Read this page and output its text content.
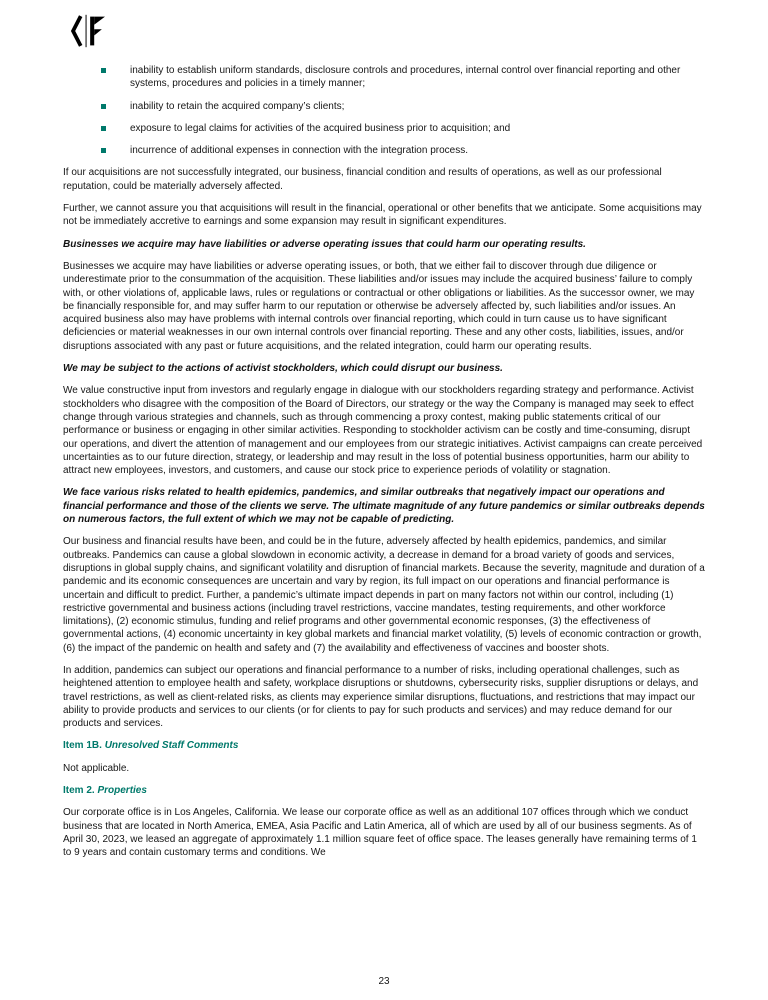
inability to establish uniform standards, disclosure controls and procedures, internal control over financial reporting and other systems, procedures and policies in a timely manner;
inability to retain the acquired company’s clients;
exposure to legal claims for activities of the acquired business prior to acquisition; and
incurrence of additional expenses in connection with the integration process.

If our acquisitions are not successfully integrated, our business, financial condition and results of operations, as well as our professional reputation, could be materially adversely affected.

Further, we cannot assure you that acquisitions will result in the financial, operational or other benefits that we anticipate. Some acquisitions may not be immediately accretive to earnings and some expansion may result in significant expenditures.

Businesses we acquire may have liabilities or adverse operating issues that could harm our operating results.

Businesses we acquire may have liabilities or adverse operating issues, or both, that we either fail to discover through due diligence or underestimate prior to the consummation of the acquisition. These liabilities and/or issues may include the acquired business’ failure to comply with, or other violations of, applicable laws, rules or regulations or contractual or other obligations or liabilities. As the successor owner, we may be financially responsible for, and may suffer harm to our reputation or otherwise be adversely affected by, such liabilities and/or issues. An acquired business also may have problems with internal controls over financial reporting, which could in turn cause us to have significant deficiencies or material weaknesses in our own internal controls over financial reporting. These and any other costs, liabilities, issues, and/or disruptions associated with any past or future acquisitions, and the related integration, could harm our operating results.

We may be subject to the actions of activist stockholders, which could disrupt our business.

We value constructive input from investors and regularly engage in dialogue with our stockholders regarding strategy and performance. Activist stockholders who disagree with the composition of the Board of Directors, our strategy or the way the Company is managed may seek to effect change through various strategies and channels, such as through commencing a proxy contest, making public statements critical of our performance or business or engaging in other similar activities. Responding to stockholder activism can be costly and time-consuming, disrupt our operations, and divert the attention of management and our employees from our strategic initiatives. Activist campaigns can create perceived uncertainties as to our future direction, strategy, or leadership and may result in the loss of potential business opportunities, harm our ability to attract new employees, investors, and customers, and cause our stock price to experience periods of volatility or stagnation.

We face various risks related to health epidemics, pandemics, and similar outbreaks that negatively impact our operations and financial performance and those of the clients we serve. The ultimate magnitude of any future pandemics or similar outbreaks depends on numerous factors, the full extent of which we may not be capable of predicting.

Our business and financial results have been, and could be in the future, adversely affected by health epidemics, pandemics, and similar outbreaks. Pandemics can cause a global slowdown in economic activity, a decrease in demand for a broad variety of goods and services, disruptions in global supply chains, and significant volatility and disruption of financial markets. Because the severity, magnitude and duration of a pandemic and its economic consequences are uncertain and vary by region, its full impact on our operations and financial performance is uncertain and difficult to predict. Further, a pandemic’s ultimate impact depends in part on many factors not within our control, including (1) restrictive governmental and business actions (including travel restrictions, vaccine mandates, testing requirements, and other workforce limitations), (2) economic stimulus, funding and relief programs and other governmental economic responses, (3) the effectiveness of governmental actions, (4) economic uncertainty in key global markets and financial market volatility, (5) levels of economic contraction or growth, (6) the impact of the pandemic on health and safety and (7) the availability and effectiveness of vaccines and booster shots.

In addition, pandemics can subject our operations and financial performance to a number of risks, including operational challenges, such as heightened attention to employee health and safety, workplace disruptions or shutdowns, cybersecurity risks, supplier disruptions or delays, and travel restrictions, as well as client-related risks, as clients may experience similar disruptions, fluctuations, and restrictions that may impact our ability to provide products and services to our clients (or for clients to pay for such products and services) and may reduce demand for our products and services.

Item 1B. Unresolved Staff Comments

Not applicable.

Item 2. Properties

Our corporate office is in Los Angeles, California. We lease our corporate office as well as an additional 107 offices through which we conduct business that are located in North America, EMEA, Asia Pacific and Latin America, all of which are used by all of our business segments. As of April 30, 2023, we leased an aggregate of approximately 1.1 million square feet of office space. The leases generally have remaining terms of 1 to 9 years and contain customary terms and conditions. We

23
